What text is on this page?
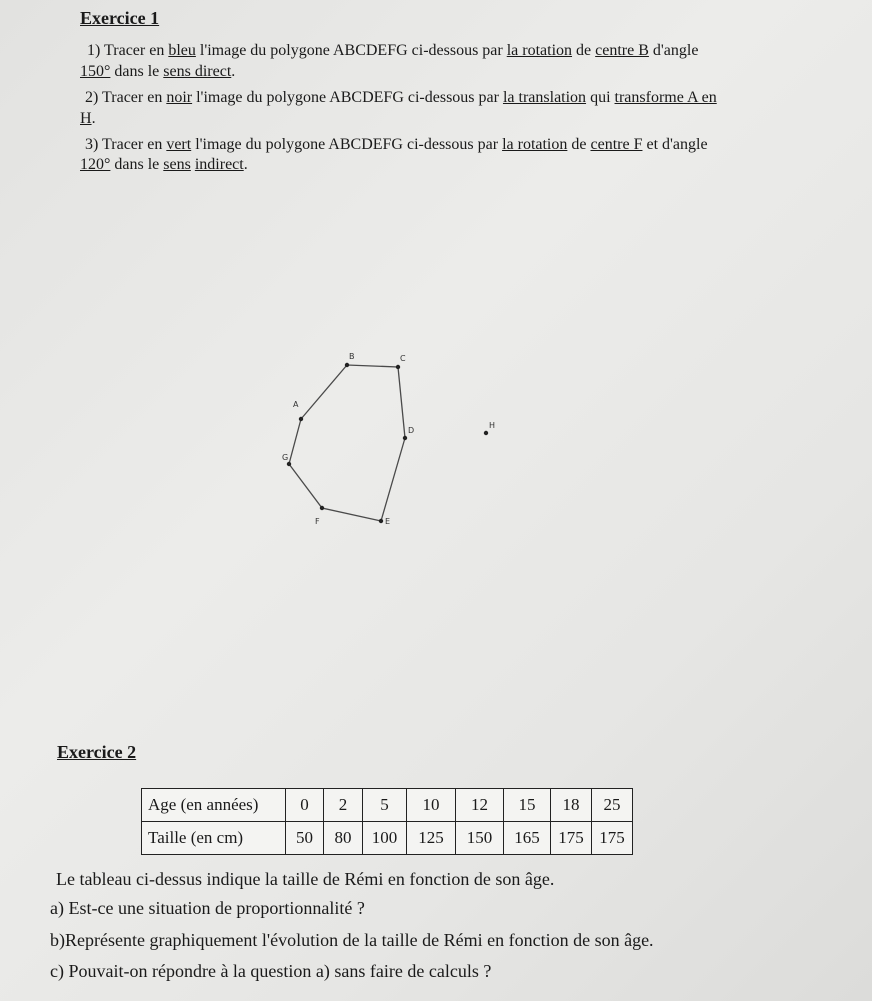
Exercice 1
1) Tracer en bleu l'image du polygone ABCDEFG ci-dessous par la rotation de centre B d'angle
150° dans le sens direct.
2) Tracer en noir l'image du polygone ABCDEFG ci-dessous par la translation qui transforme A en
H.
3) Tracer en vert l'image du polygone ABCDEFG ci-dessous par la rotation de centre F et d'angle
120° dans le sens indirect.
A
B	C
D
E
F
G
H
Exercice 2
Age (en années)	0	2	5	10	12	15	18	25
Taille (en cm)	50	80	100	125	150	165	175	175
Le tableau ci-dessus indique la taille de Rémi en fonction de son âge.
a) Est-ce une situation de proportionnalité ?
b)Représente graphiquement l'évolution de la taille de Rémi en fonction de son âge.
c) Pouvait-on répondre à la question a) sans faire de calculs ?
